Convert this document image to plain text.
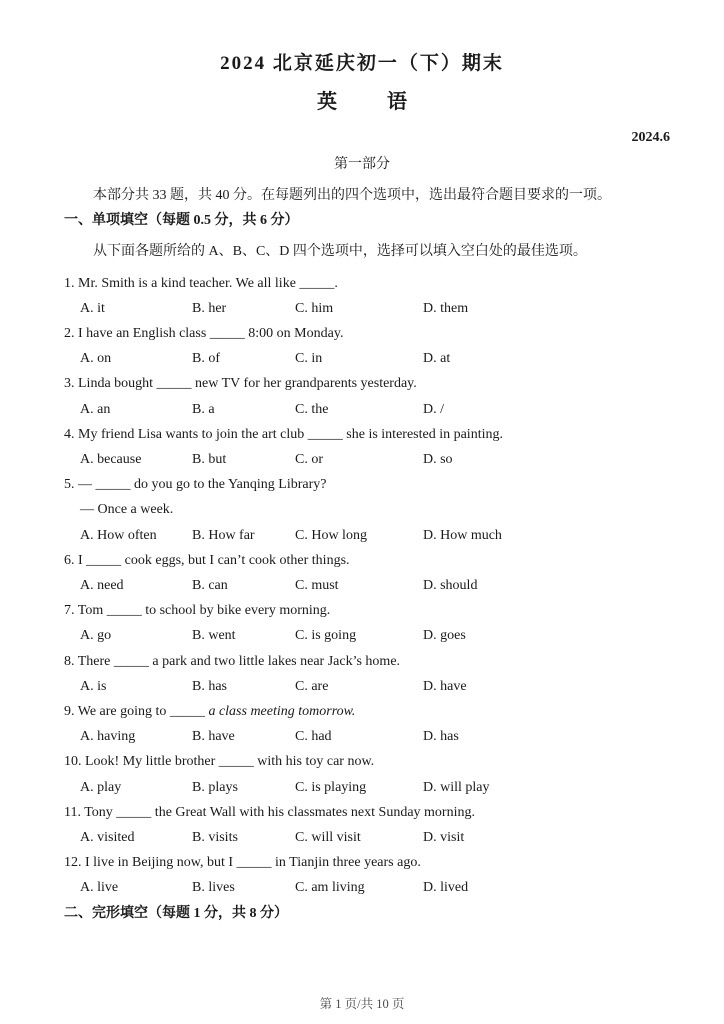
2024 北京延庆初一（下）期末
英          语
2024.6
第一部分

本部分共 33 题，共 40 分。在每题列出的四个选项中，选出最符合题目要求的一项。

一、单项填空（每题 0.5 分，共 6 分）

从下面各题所给的 A、B、C、D 四个选项中，选择可以填入空白处的最佳选项。

1. Mr. Smith is a kind teacher. We all like _____.
A. it	B. her	C. him	D. them
2. I have an English class _____ 8:00 on Monday.
A. on	B. of	C. in	D. at
3. Linda bought _____ new TV for her grandparents yesterday.
A. an	B. a	C. the	D. /
4. My friend Lisa wants to join the art club _____ she is interested in painting.
A. because	B. but	C. or	D. so
5. — _____ do you go to the Yanqing Library?
— Once a week.
A. How often	B. How far	C. How long	D. How much
6. I _____ cook eggs, but I can’t cook other things.
A. need	B. can	C. must	D. should
7. Tom _____ to school by bike every morning.
A. go	B. went	C. is going	D. goes
8. There _____ a park and two little lakes near Jack’s home.
A. is	B. has	C. are	D. have
9. We are going to _____ a class meeting tomorrow.
A. having	B. have	C. had	D. has
10. Look! My little brother _____ with his toy car now.
A. play	B. plays	C. is playing	D. will play
11. Tony _____ the Great Wall with his classmates next Sunday morning.
A. visited	B. visits	C. will visit	D. visit
12. I live in Beijing now, but I _____ in Tianjin three years ago.
A. live	B. lives	C. am living	D. lived
二、完形填空（每题 1 分，共 8 分）
第 1 页/共 10 页
